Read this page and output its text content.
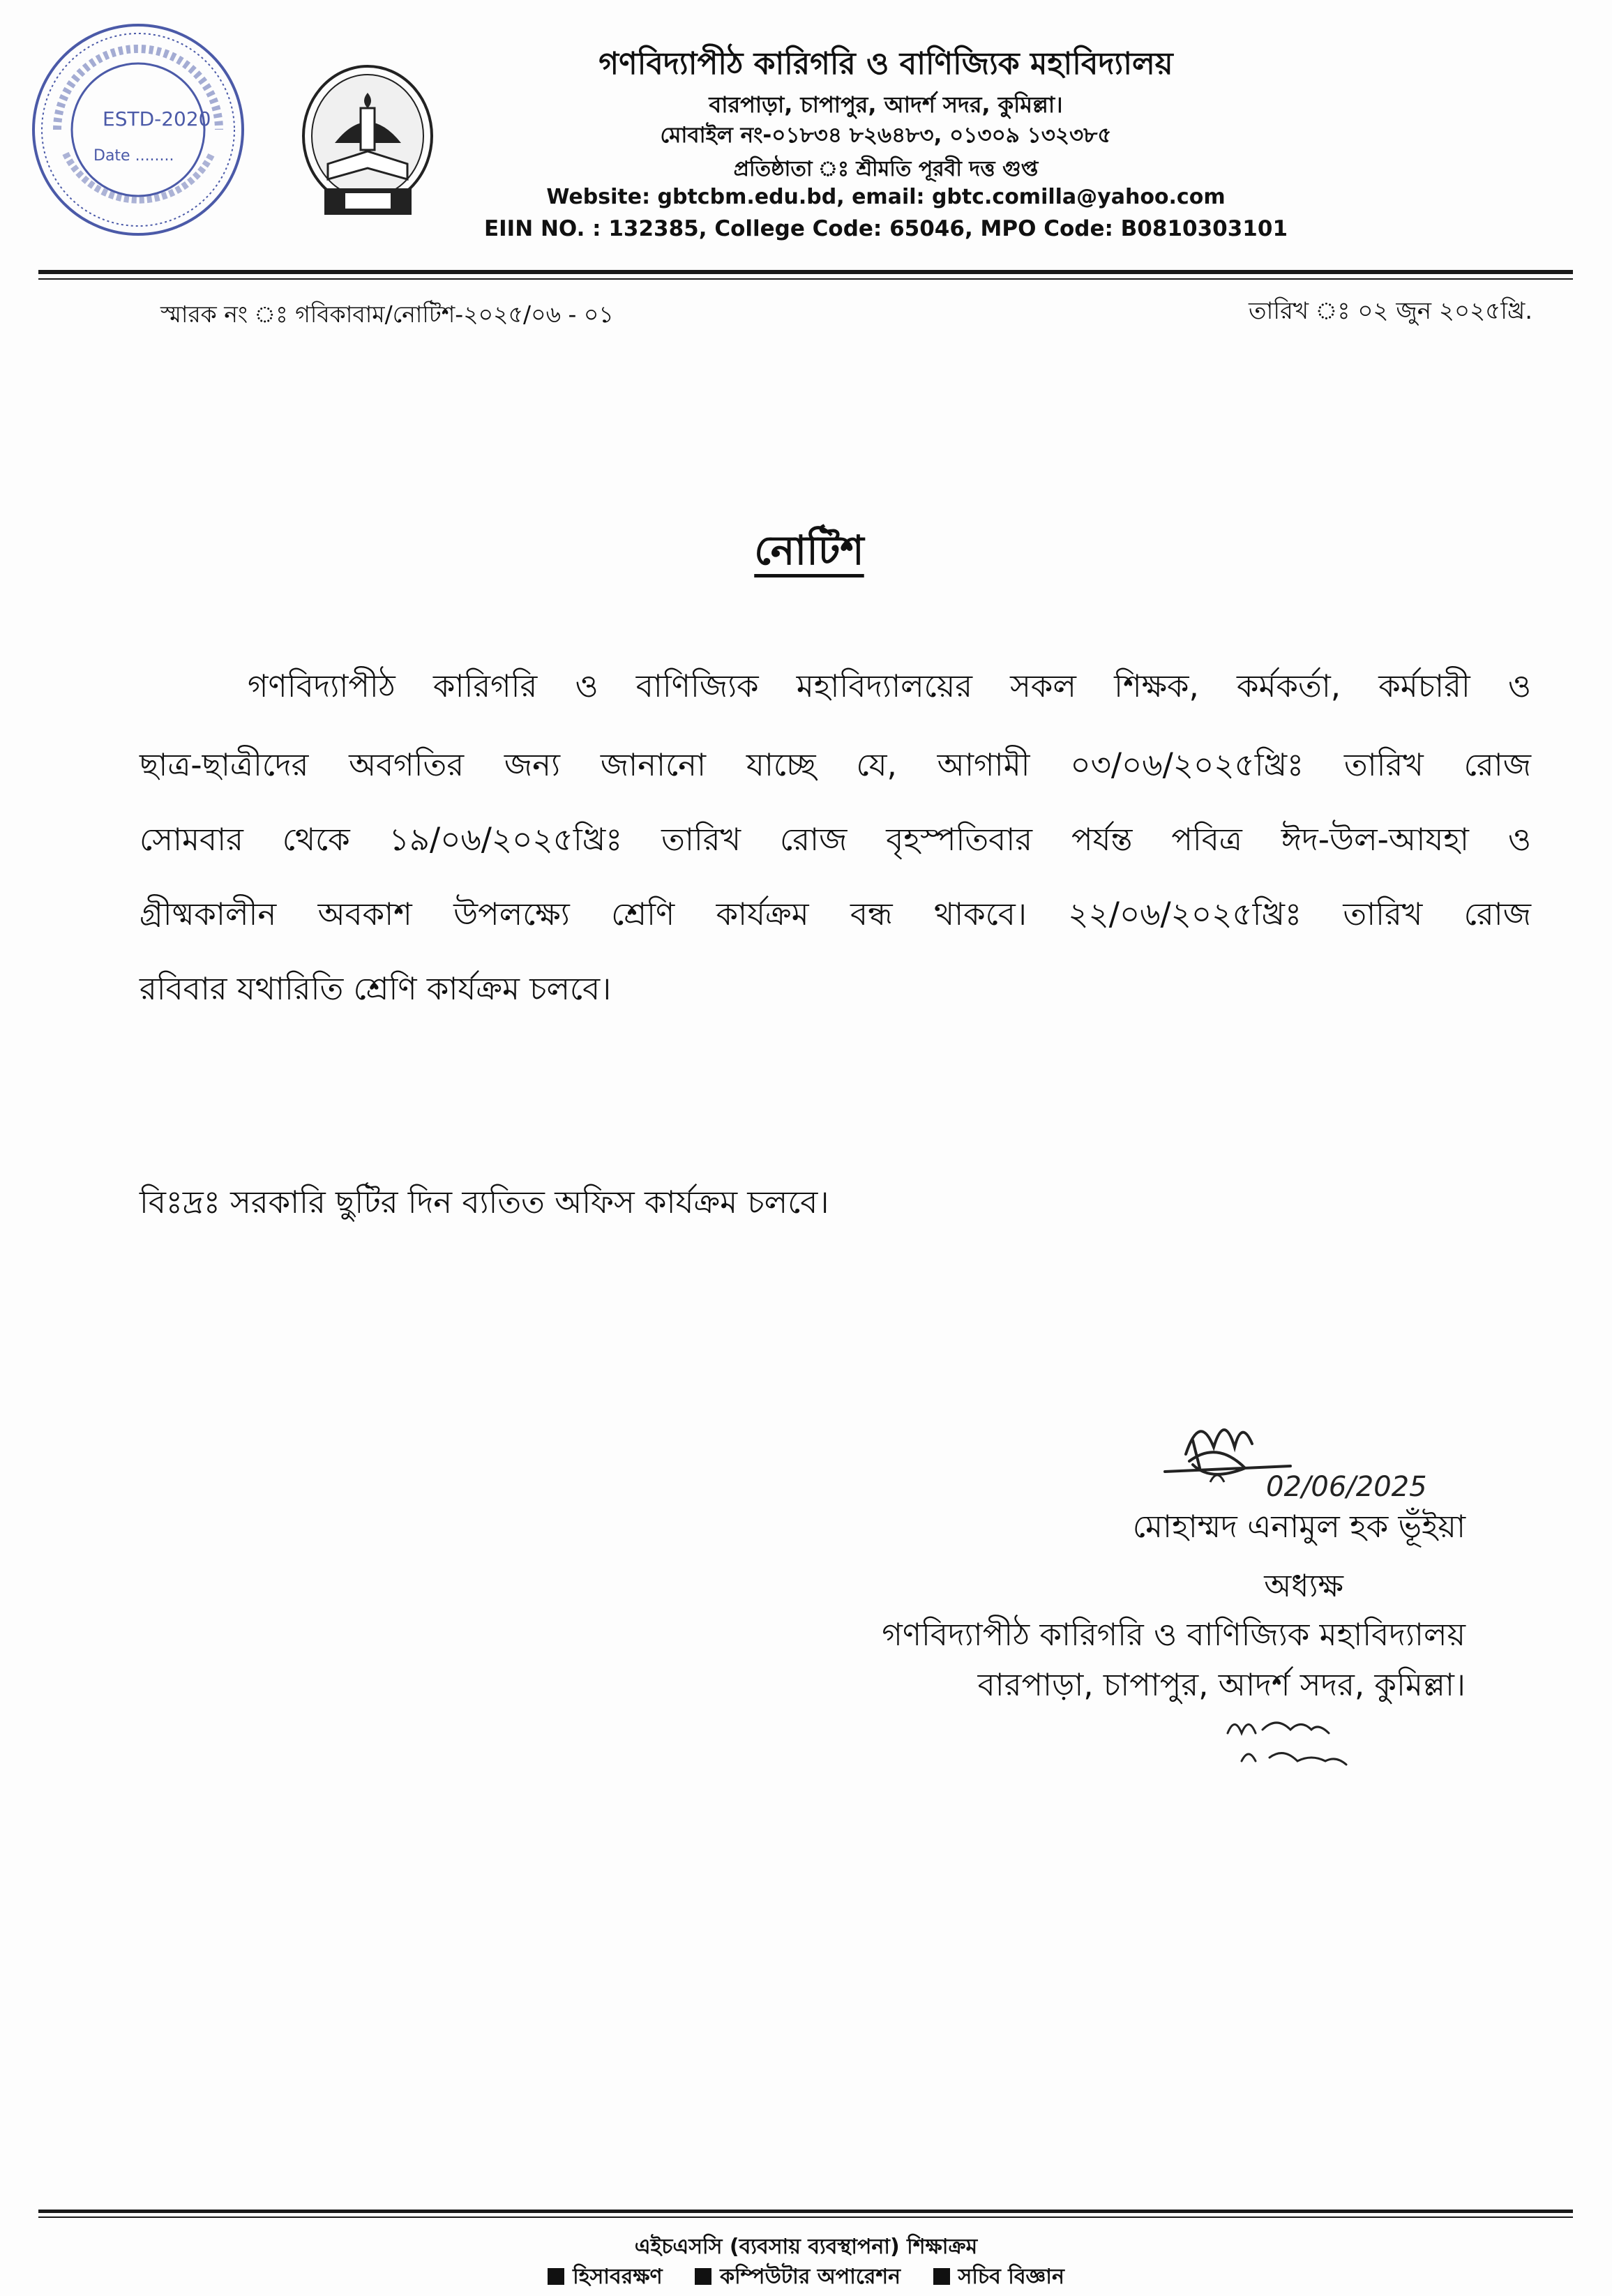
ESTD-2020
Date ........
গণবিদ্যাপীঠ কারিগরি ও বাণিজ্যিক মহাবিদ্যালয়
বারপাড়া, চাপাপুর, আদর্শ সদর, কুমিল্লা।
মোবাইল নং-০১৮৩৪ ৮২৬৪৮৩, ০১৩০৯ ১৩২৩৮৫
প্রতিষ্ঠাতা ঃ শ্রীমতি পূরবী দত্ত গুপ্ত
Website: gbtcbm.edu.bd, email: gbtc.comilla@yahoo.com
EIIN NO. : 132385, College Code: 65046, MPO Code: B0810303101
স্মারক নং ঃ গবিকাবাম/নোটিশ-২০২৫/০৬ - ০১	তারিখ ঃ ০২ জুন ২০২৫খ্রি.
নোটিশ
গণবিদ্যাপীঠ কারিগরি ও বাণিজ্যিক মহাবিদ্যালয়ের সকল শিক্ষক, কর্মকর্তা, কর্মচারী ও
ছাত্র-ছাত্রীদের অবগতির জন্য জানানো যাচ্ছে যে, আগামী ০৩/০৬/২০২৫খ্রিঃ তারিখ রোজ
সোমবার থেকে ১৯/০৬/২০২৫খ্রিঃ তারিখ রোজ বৃহস্পতিবার পর্যন্ত পবিত্র ঈদ-উল-আযহা ও
গ্রীষ্মকালীন অবকাশ উপলক্ষ্যে শ্রেণি কার্যক্রম বন্ধ থাকবে। ২২/০৬/২০২৫খ্রিঃ তারিখ রোজ
রবিবার যথারিতি শ্রেণি কার্যক্রম চলবে।
বিঃদ্রঃ সরকারি ছুটির দিন ব্যতিত অফিস কার্যক্রম চলবে।
02/06/2025
মোহাম্মদ এনামুল হক ভূঁইয়া
অধ্যক্ষ
গণবিদ্যাপীঠ কারিগরি ও বাণিজ্যিক মহাবিদ্যালয়
বারপাড়া, চাপাপুর, আদর্শ সদর, কুমিল্লা।
এইচএসসি (ব্যবসায় ব্যবস্থাপনা) শিক্ষাক্রম
হিসাবরক্ষণ	কম্পিউটার অপারেশন	সচিব বিজ্ঞান
